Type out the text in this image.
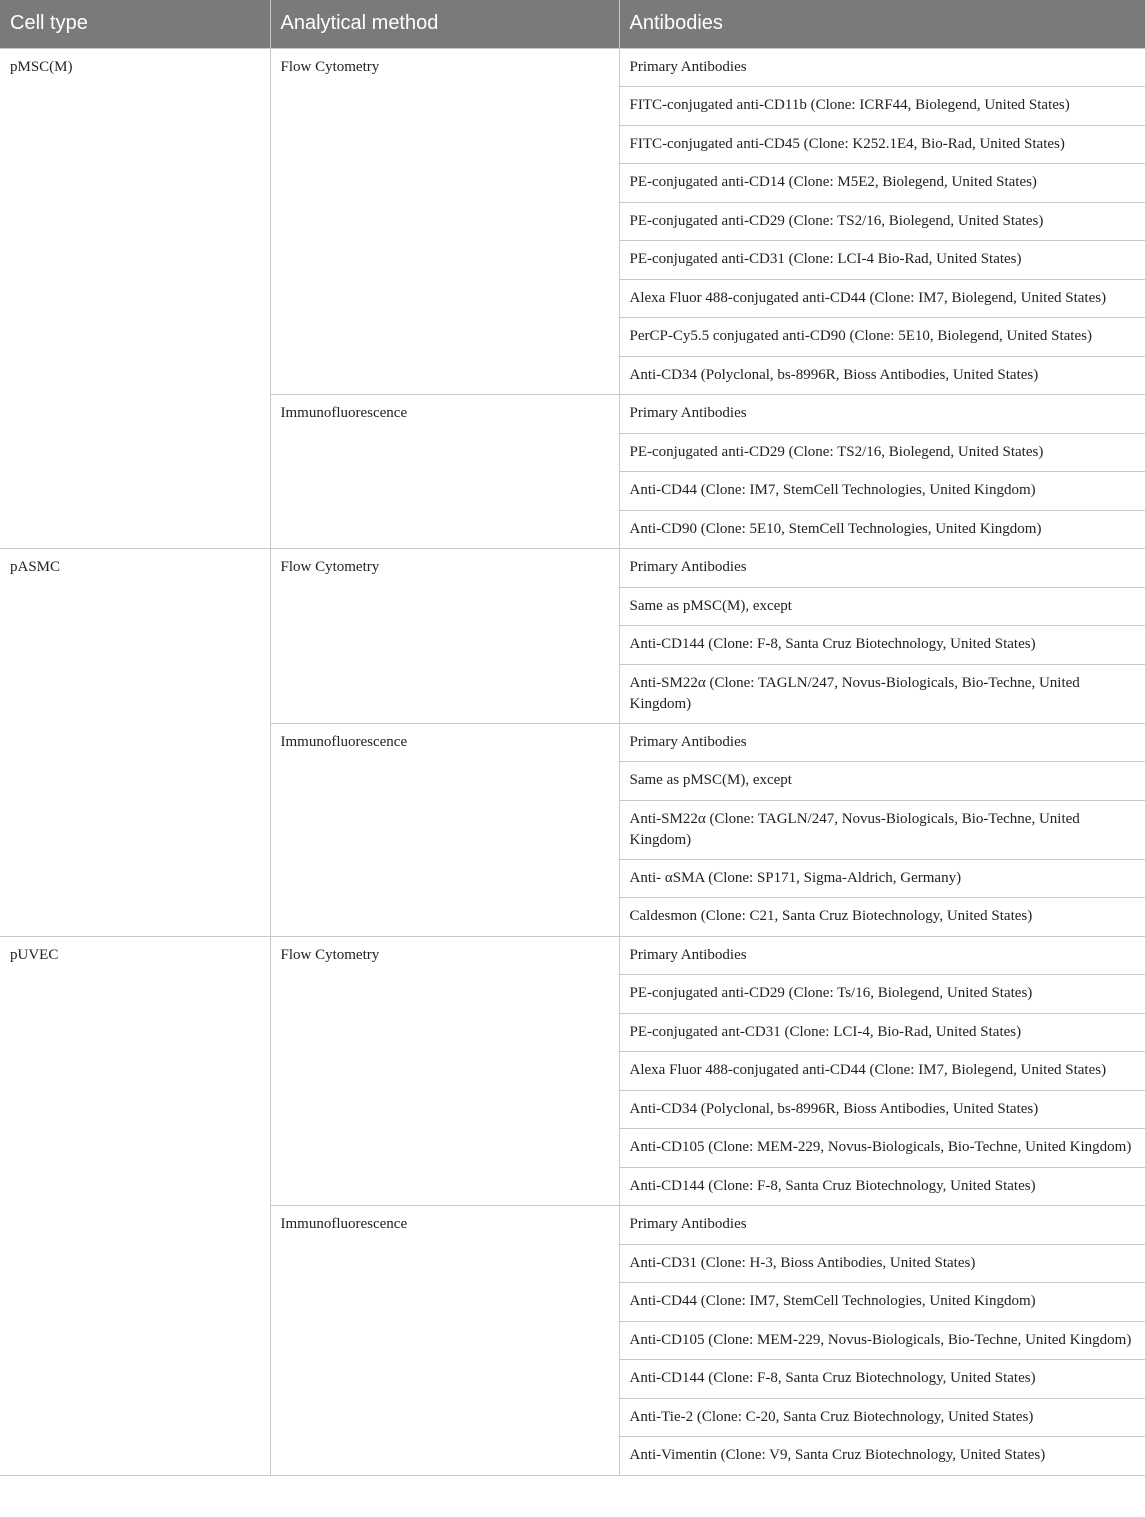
Cell type	Analytical method	Antibodies
pMSC(M)	Flow Cytometry	Primary Antibodies
		FITC-conjugated anti-CD11b (Clone: ICRF44, Biolegend, United States)
		FITC-conjugated anti-CD45 (Clone: K252.1E4, Bio-Rad, United States)
		PE-conjugated anti-CD14 (Clone: M5E2, Biolegend, United States)
		PE-conjugated anti-CD29 (Clone: TS2/16, Biolegend, United States)
		PE-conjugated anti-CD31 (Clone: LCI-4 Bio-Rad, United States)
		Alexa Fluor 488-conjugated anti-CD44 (Clone: IM7, Biolegend, United States)
		PerCP-Cy5.5 conjugated anti-CD90 (Clone: 5E10, Biolegend, United States)
		Anti-CD34 (Polyclonal, bs-8996R, Bioss Antibodies, United States)
	Immunofluorescence	Primary Antibodies
		PE-conjugated anti-CD29 (Clone: TS2/16, Biolegend, United States)
		Anti-CD44 (Clone: IM7, StemCell Technologies, United Kingdom)
		Anti-CD90 (Clone: 5E10, StemCell Technologies, United Kingdom)
pASMC	Flow Cytometry	Primary Antibodies
		Same as pMSC(M), except
		Anti-CD144 (Clone: F-8, Santa Cruz Biotechnology, United States)
		Anti-SM22α (Clone: TAGLN/247, Novus-Biologicals, Bio-Techne, United Kingdom)
	Immunofluorescence	Primary Antibodies
		Same as pMSC(M), except
		Anti-SM22α (Clone: TAGLN/247, Novus-Biologicals, Bio-Techne, United Kingdom)
		Anti- αSMA (Clone: SP171, Sigma-Aldrich, Germany)
		Caldesmon (Clone: C21, Santa Cruz Biotechnology, United States)
pUVEC	Flow Cytometry	Primary Antibodies
		PE-conjugated anti-CD29 (Clone: Ts/16, Biolegend, United States)
		PE-conjugated ant-CD31 (Clone: LCI-4, Bio-Rad, United States)
		Alexa Fluor 488-conjugated anti-CD44 (Clone: IM7, Biolegend, United States)
		Anti-CD34 (Polyclonal, bs-8996R, Bioss Antibodies, United States)
		Anti-CD105 (Clone: MEM-229, Novus-Biologicals, Bio-Techne, United Kingdom)
		Anti-CD144 (Clone: F-8, Santa Cruz Biotechnology, United States)
	Immunofluorescence	Primary Antibodies
		Anti-CD31 (Clone: H-3, Bioss Antibodies, United States)
		Anti-CD44 (Clone: IM7, StemCell Technologies, United Kingdom)
		Anti-CD105 (Clone: MEM-229, Novus-Biologicals, Bio-Techne, United Kingdom)
		Anti-CD144 (Clone: F-8, Santa Cruz Biotechnology, United States)
		Anti-Tie-2 (Clone: C-20, Santa Cruz Biotechnology, United States)
		Anti-Vimentin (Clone: V9, Santa Cruz Biotechnology, United States)
